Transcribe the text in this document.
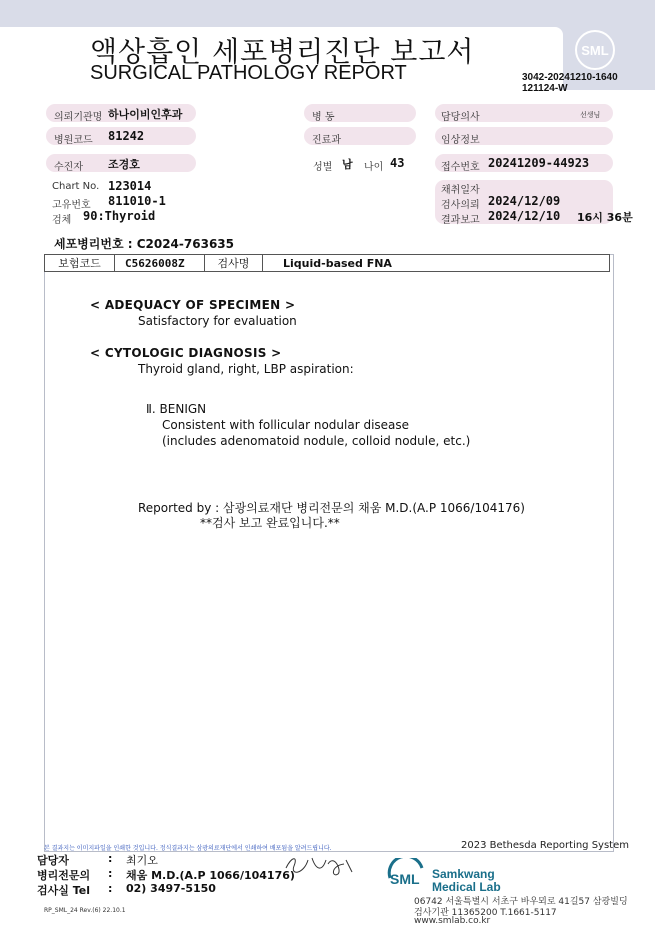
액상흡인 세포병리진단 보고서
SURGICAL PATHOLOGY REPORT
SML
3042-20241210-1640
121124-W
의뢰기관명 하나이비인후과	병 동	담당의사	선생님
병원코드 81242	진료과	임상정보
수진자 조경호	성별 남 나이 43	접수번호 20241209-44923
Chart No. 123014
고유번호 811010-1
검체 90:Thyroid
채취일자
검사의뢰 2024/12/09
결과보고 2024/12/10 16시 36분
세포병리번호 : C2024-763635
보험코드	C5626008Z	검사명	Liquid-based FNA
< ADEQUACY OF SPECIMEN >
Satisfactory for evaluation
< CYTOLOGIC DIAGNOSIS >
Thyroid gland, right, LBP aspiration:
Ⅱ. BENIGN
Consistent with follicular nodular disease
(includes adenomatoid nodule, colloid nodule, etc.)
Reported by : 삼광의료재단 병리전문의 채움 M.D.(A.P 1066/104176)
**검사 보고 완료입니다.**
본 결과지는 이미지파일을 인쇄한 것입니다. 정식결과지는 삼광의료재단에서 인쇄하여 배포됨을 알려드립니다.	2023 Bethesda Reporting System
담당자	: 최기오
병리전문의 : 채움 M.D.(A.P 1066/104176)
검사실 Tel : 02) 3497-5150
SML Samkwang
Medical Lab
06742 서울특별시 서초구 바우뫼로 41길57 삼광빌딩
검사기관 11365200 T.1661-5117
www.smlab.co.kr
RP_SML_24 Rev.(6) 22.10.1
